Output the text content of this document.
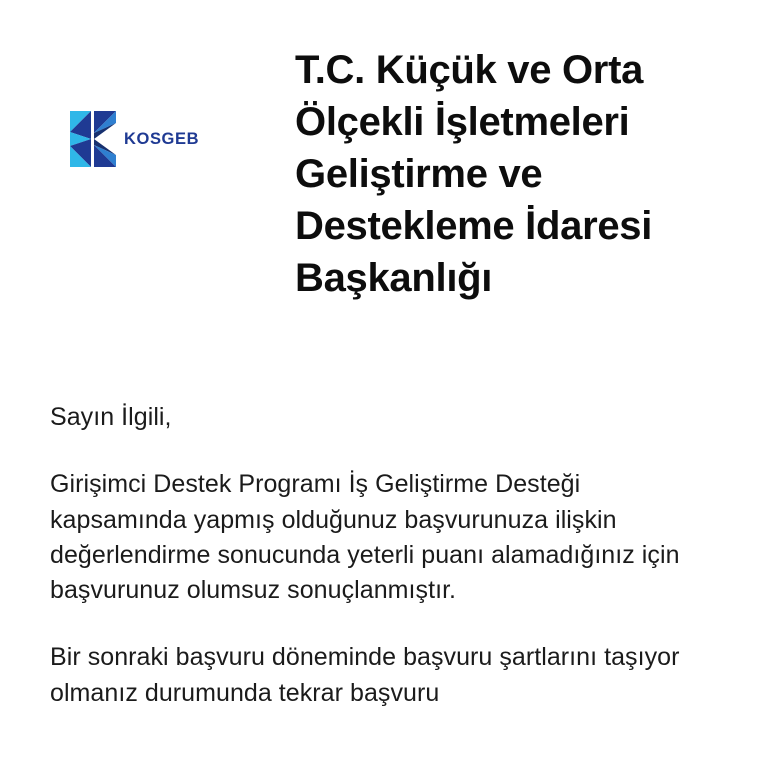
KOSGEB
T.C. Küçük ve Orta Ölçekli İşletmeleri Geliştirme ve Destekleme İdaresi Başkanlığı

Sayın İlgili,

Girişimci Destek Programı İş Geliştirme Desteği kapsamında yapmış olduğunuz başvurunuza ilişkin değerlendirme sonucunda yeterli puanı alamadığınız için başvurunuz olumsuz sonuçlanmıştır.

Bir sonraki başvuru döneminde başvuru şartlarını taşıyor olmanız durumunda tekrar başvuru
